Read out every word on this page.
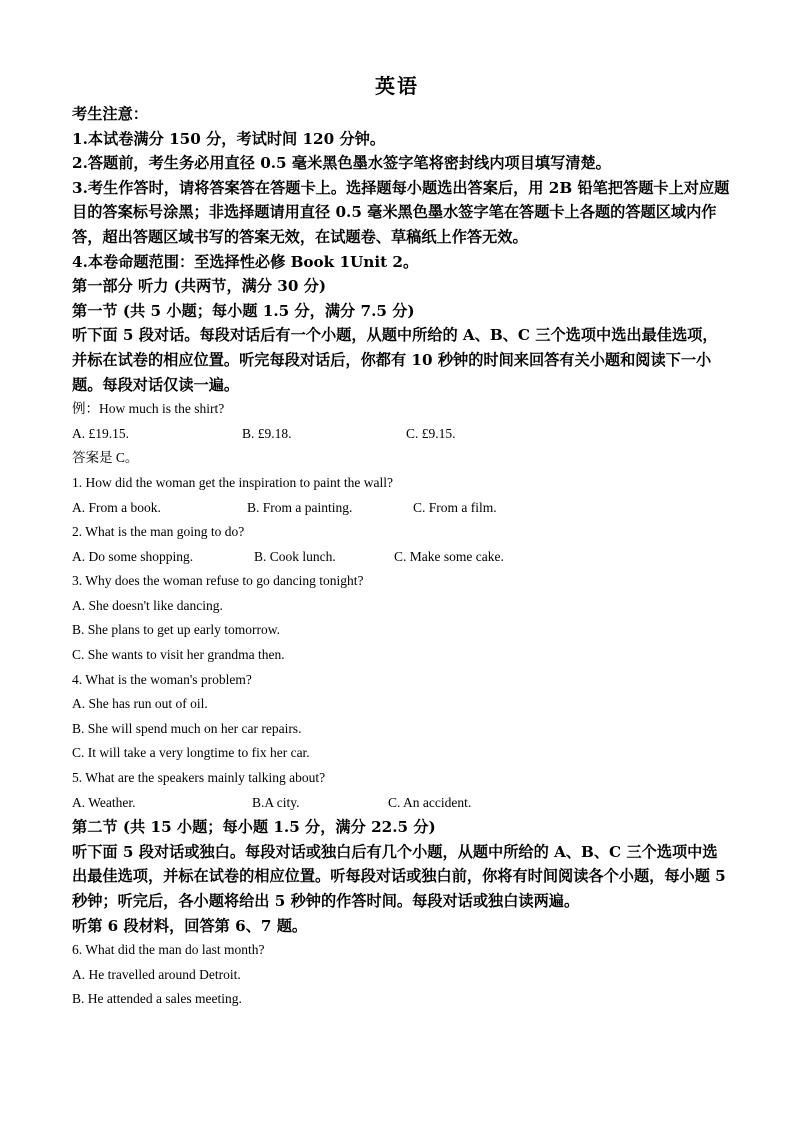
英语
考生注意：
1.本试卷满分 150 分，考试时间 120 分钟。
2.答题前，考生务必用直径 0.5 毫米黑色墨水签字笔将密封线内项目填写清楚。
3.考生作答时，请将答案答在答题卡上。选择题每小题选出答案后，用 2B 铅笔把答题卡上对应题目的答案标号涂黑；非选择题请用直径 0.5 毫米黑色墨水签字笔在答题卡上各题的答题区域内作答，超出答题区域书写的答案无效，在试题卷、草稿纸上作答无效。
4.本卷命题范围：至选择性必修 Book 1Unit 2。
第一部分 听力 (共两节，满分 30 分)
第一节 (共 5 小题；每小题 1.5 分，满分 7.5 分)
听下面 5 段对话。每段对话后有一个小题，从题中所给的 A、B、C 三个选项中选出最佳选项，并标在试卷的相应位置。听完每段对话后，你都有 10 秒钟的时间来回答有关小题和阅读下一小题。每段对话仅读一遍。
例：How much is the shirt?
A. £19.15.	B. £9.18.	C. £9.15.
答案是 C。
1. How did the woman get the inspiration to paint the wall?
A. From a book.	B. From a painting.	C. From a film.
2. What is the man going to do?
A. Do some shopping.	B. Cook lunch.	C. Make some cake.
3. Why does the woman refuse to go dancing tonight?
A. She doesn't like dancing.
B. She plans to get up early tomorrow.
C. She wants to visit her grandma then.
4. What is the woman's problem?
A. She has run out of oil.
B. She will spend much on her car repairs.
C. It will take a very longtime to fix her car.
5. What are the speakers mainly talking about?
A. Weather.	B.A city.	C. An accident.
第二节 (共 15 小题；每小题 1.5 分，满分 22.5 分)
听下面 5 段对话或独白。每段对话或独白后有几个小题，从题中所给的 A、B、C 三个选项中选出最佳选项，并标在试卷的相应位置。听每段对话或独白前，你将有时间阅读各个小题，每小题 5 秒钟；听完后，各小题将给出 5 秒钟的作答时间。每段对话或独白读两遍。
听第 6 段材料，回答第 6、7 题。
6. What did the man do last month?
A. He travelled around Detroit.
B. He attended a sales meeting.
